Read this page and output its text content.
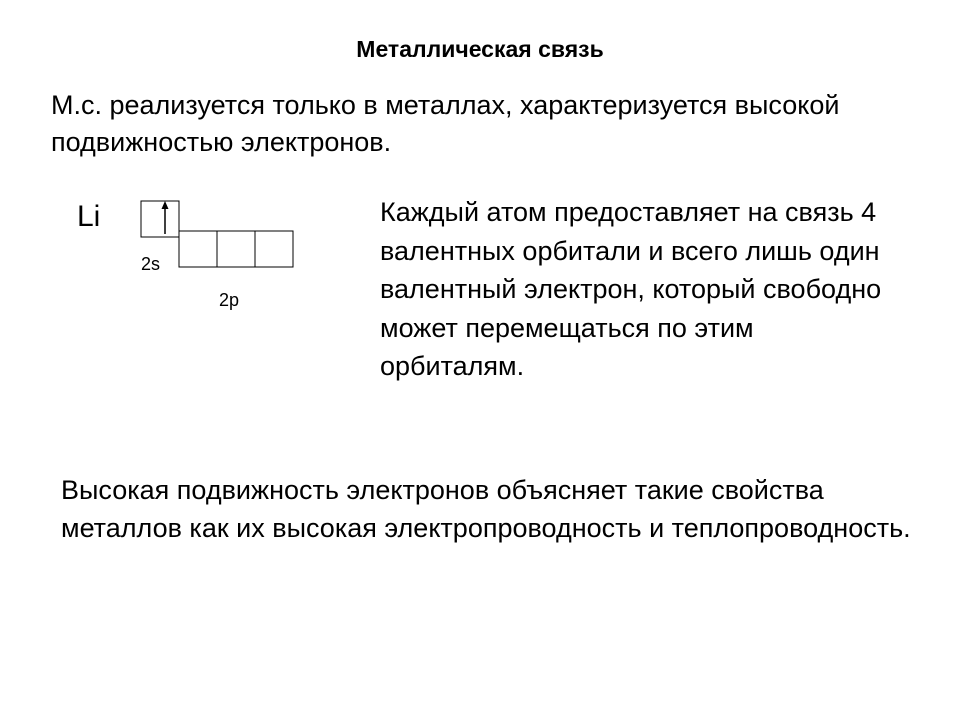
Металлическая связь
М.с. реализуется только в металлах, характеризуется высокой подвижностью электронов.
Li
2s
2p
Каждый атом предоставляет на связь 4 валентных орбитали и всего лишь один валентный электрон, который свободно может перемещаться по этим орбиталям.
Высокая подвижность электронов объясняет такие свойства металлов как их высокая электропроводность и теплопроводность.
